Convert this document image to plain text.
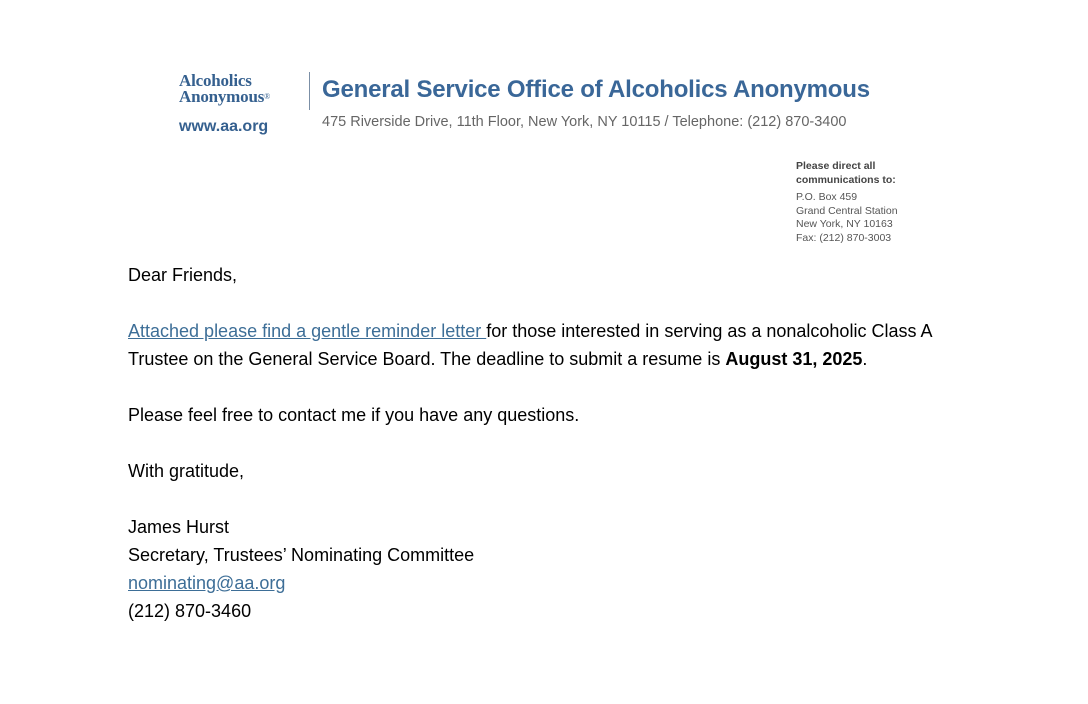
Alcoholics
Anonymous®
www.aa.org
General Service Office of Alcoholics Anonymous
475 Riverside Drive, 11th Floor, New York, NY 10115 / Telephone: (212) 870-3400
Please direct all
communications to:
P.O. Box 459
Grand Central Station
New York, NY 10163
Fax: (212) 870-3003

Dear Friends,

Attached please find a gentle reminder letter for those interested in serving as a nonalcoholic Class A Trustee on the General Service Board. The deadline to submit a resume is August 31, 2025.

Please feel free to contact me if you have any questions.

With gratitude,

James Hurst

Secretary, Trustees’ Nominating Committee

nominating@aa.org

(212) 870-3460
